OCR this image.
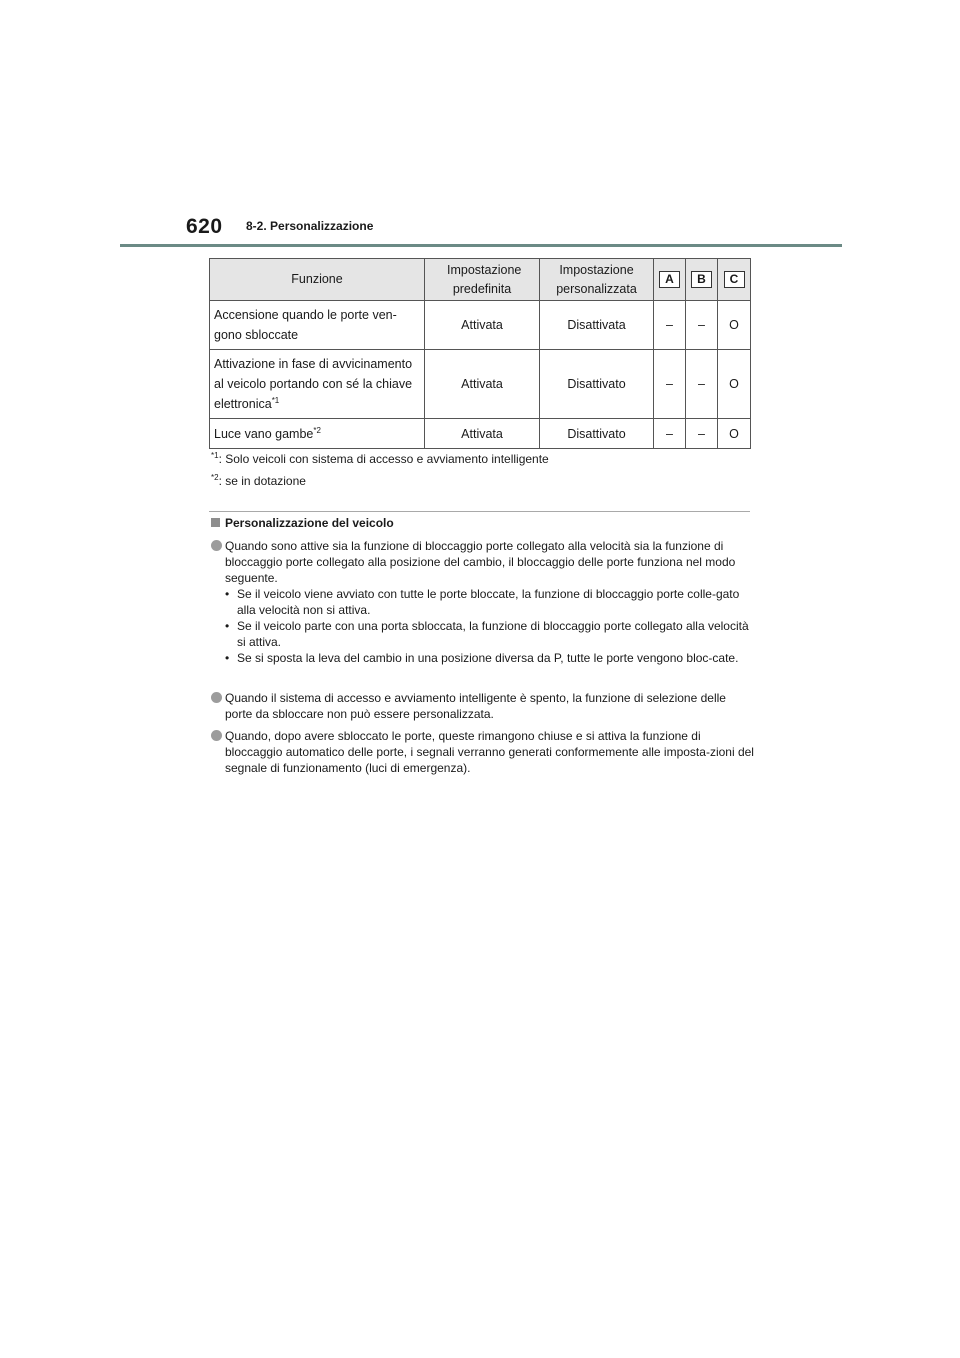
620 8-2. Personalizzazione
Funzione	Impostazione predefinita	Impostazione personalizzata	A	B	C

Accensione quando le porte ven-
gono sbloccate	Attivata	Disattivata	–	–	O

Attivazione in fase di avvicinamento
al veicolo portando con sé la chiave
elettronica$^{*1}$	Attivata	Disattivato	–	–	O
Luce vano gambe$^{*2}$	Attivata	Disattivato	–	–	O
$^{*1}$: Solo veicoli con sistema di accesso e avviamento intelligente
$^{*2}$: se in dotazione
Personalizzazione del veicolo
Quando sono attive sia la funzione di bloccaggio porte collegato alla velocità sia la funzione di bloccaggio porte collegato alla posizione del cambio, il bloccaggio delle porte funziona nel modo seguente.
• Se il veicolo viene avviato con tutte le porte bloccate, la funzione di bloccaggio porte colle-gato alla velocità non si attiva.
• Se il veicolo parte con una porta sbloccata, la funzione di bloccaggio porte collegato alla velocità si attiva.
• Se si sposta la leva del cambio in una posizione diversa da P, tutte le porte vengono bloc-cate.
Quando il sistema di accesso e avviamento intelligente è spento, la funzione di selezione delle porte da sbloccare non può essere personalizzata.
Quando, dopo avere sbloccato le porte, queste rimangono chiuse e si attiva la funzione di bloccaggio automatico delle porte, i segnali verranno generati conformemente alle imposta-zioni del segnale di funzionamento (luci di emergenza).
